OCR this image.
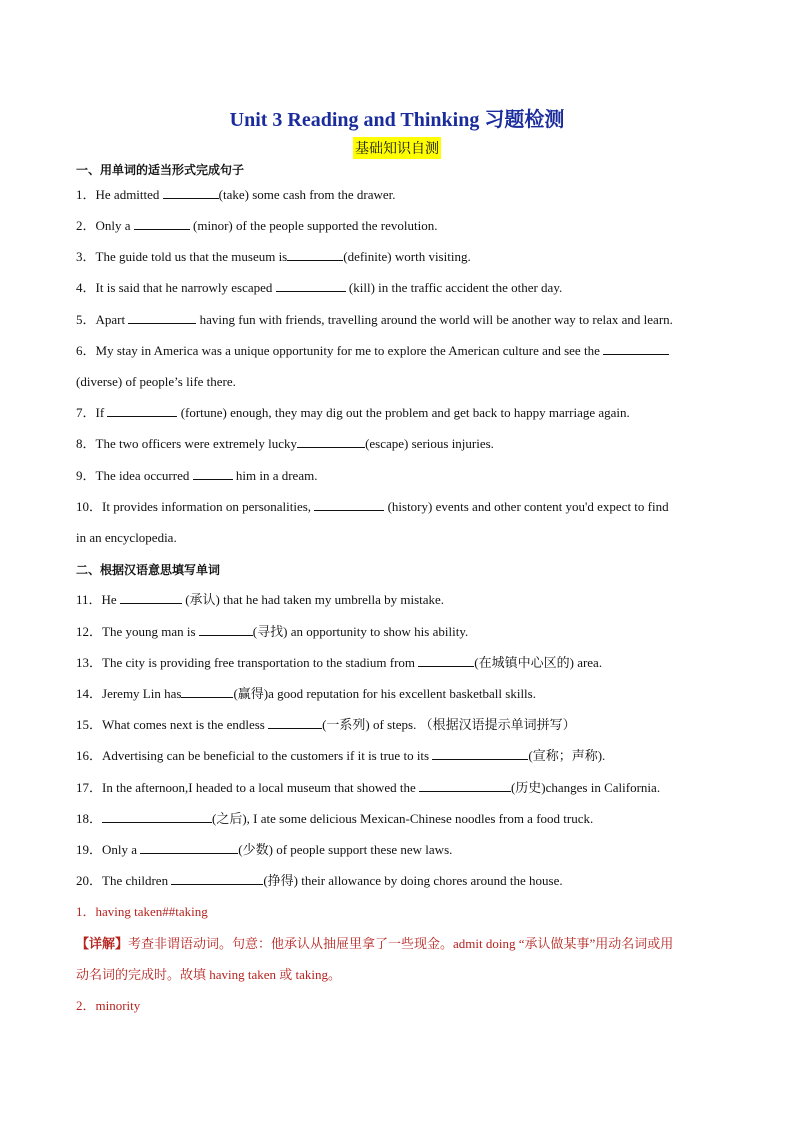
Unit 3 Reading and Thinking 习题检测
基础知识自测
一、用单词的适当形式完成句子
1．He admitted	(take) some cash from the drawer.
2．Only a	(minor) of the people supported the revolution.
3．The guide told us that the museum is	(definite) worth visiting.
4．It is said that he narrowly escaped	(kill) in the traffic accident the other day.
5．Apart	having fun with friends, travelling around the world will be another way to relax and learn.
6．My stay in America was a unique opportunity for me to explore the American culture and see the
(diverse) of people’s life there.
7．If	(fortune) enough, they may dig out the problem and get back to happy marriage again.
8．The two officers were extremely lucky	(escape) serious injuries.
9．The idea occurred	him in a dream.
10．It provides information on personalities,	(history) events and other content you'd expect to find
in an encyclopedia.
二、根据汉语意思填写单词
11．He	(承认) that he had taken my umbrella by mistake.
12．The young man is	(寻找) an opportunity to show his ability.
13．The city is providing free transportation to the stadium from	(在城镇中心区的) area.
14．Jeremy Lin has	(赢得)a good reputation for his excellent basketball skills.
15．What comes next is the endless	(一系列) of steps. （根据汉语提示单词拼写）
16．Advertising can be beneficial to the customers if it is true to its	(宣称；声称).
17．In the afternoon,I headed to a local museum that showed the	(历史)changes in California.
18．	(之后), I ate some delicious Mexican-Chinese noodles from a food truck.
19．Only a	(少数) of people support these new laws.
20．The children	(挣得) their allowance by doing chores around the house.
1．having taken##taking
【详解】考查非谓语动词。句意：他承认从抽屉里拿了一些现金。admit doing “承认做某事”用动名词或用
动名词的完成时。故填 having taken 或 taking。
2．minority
